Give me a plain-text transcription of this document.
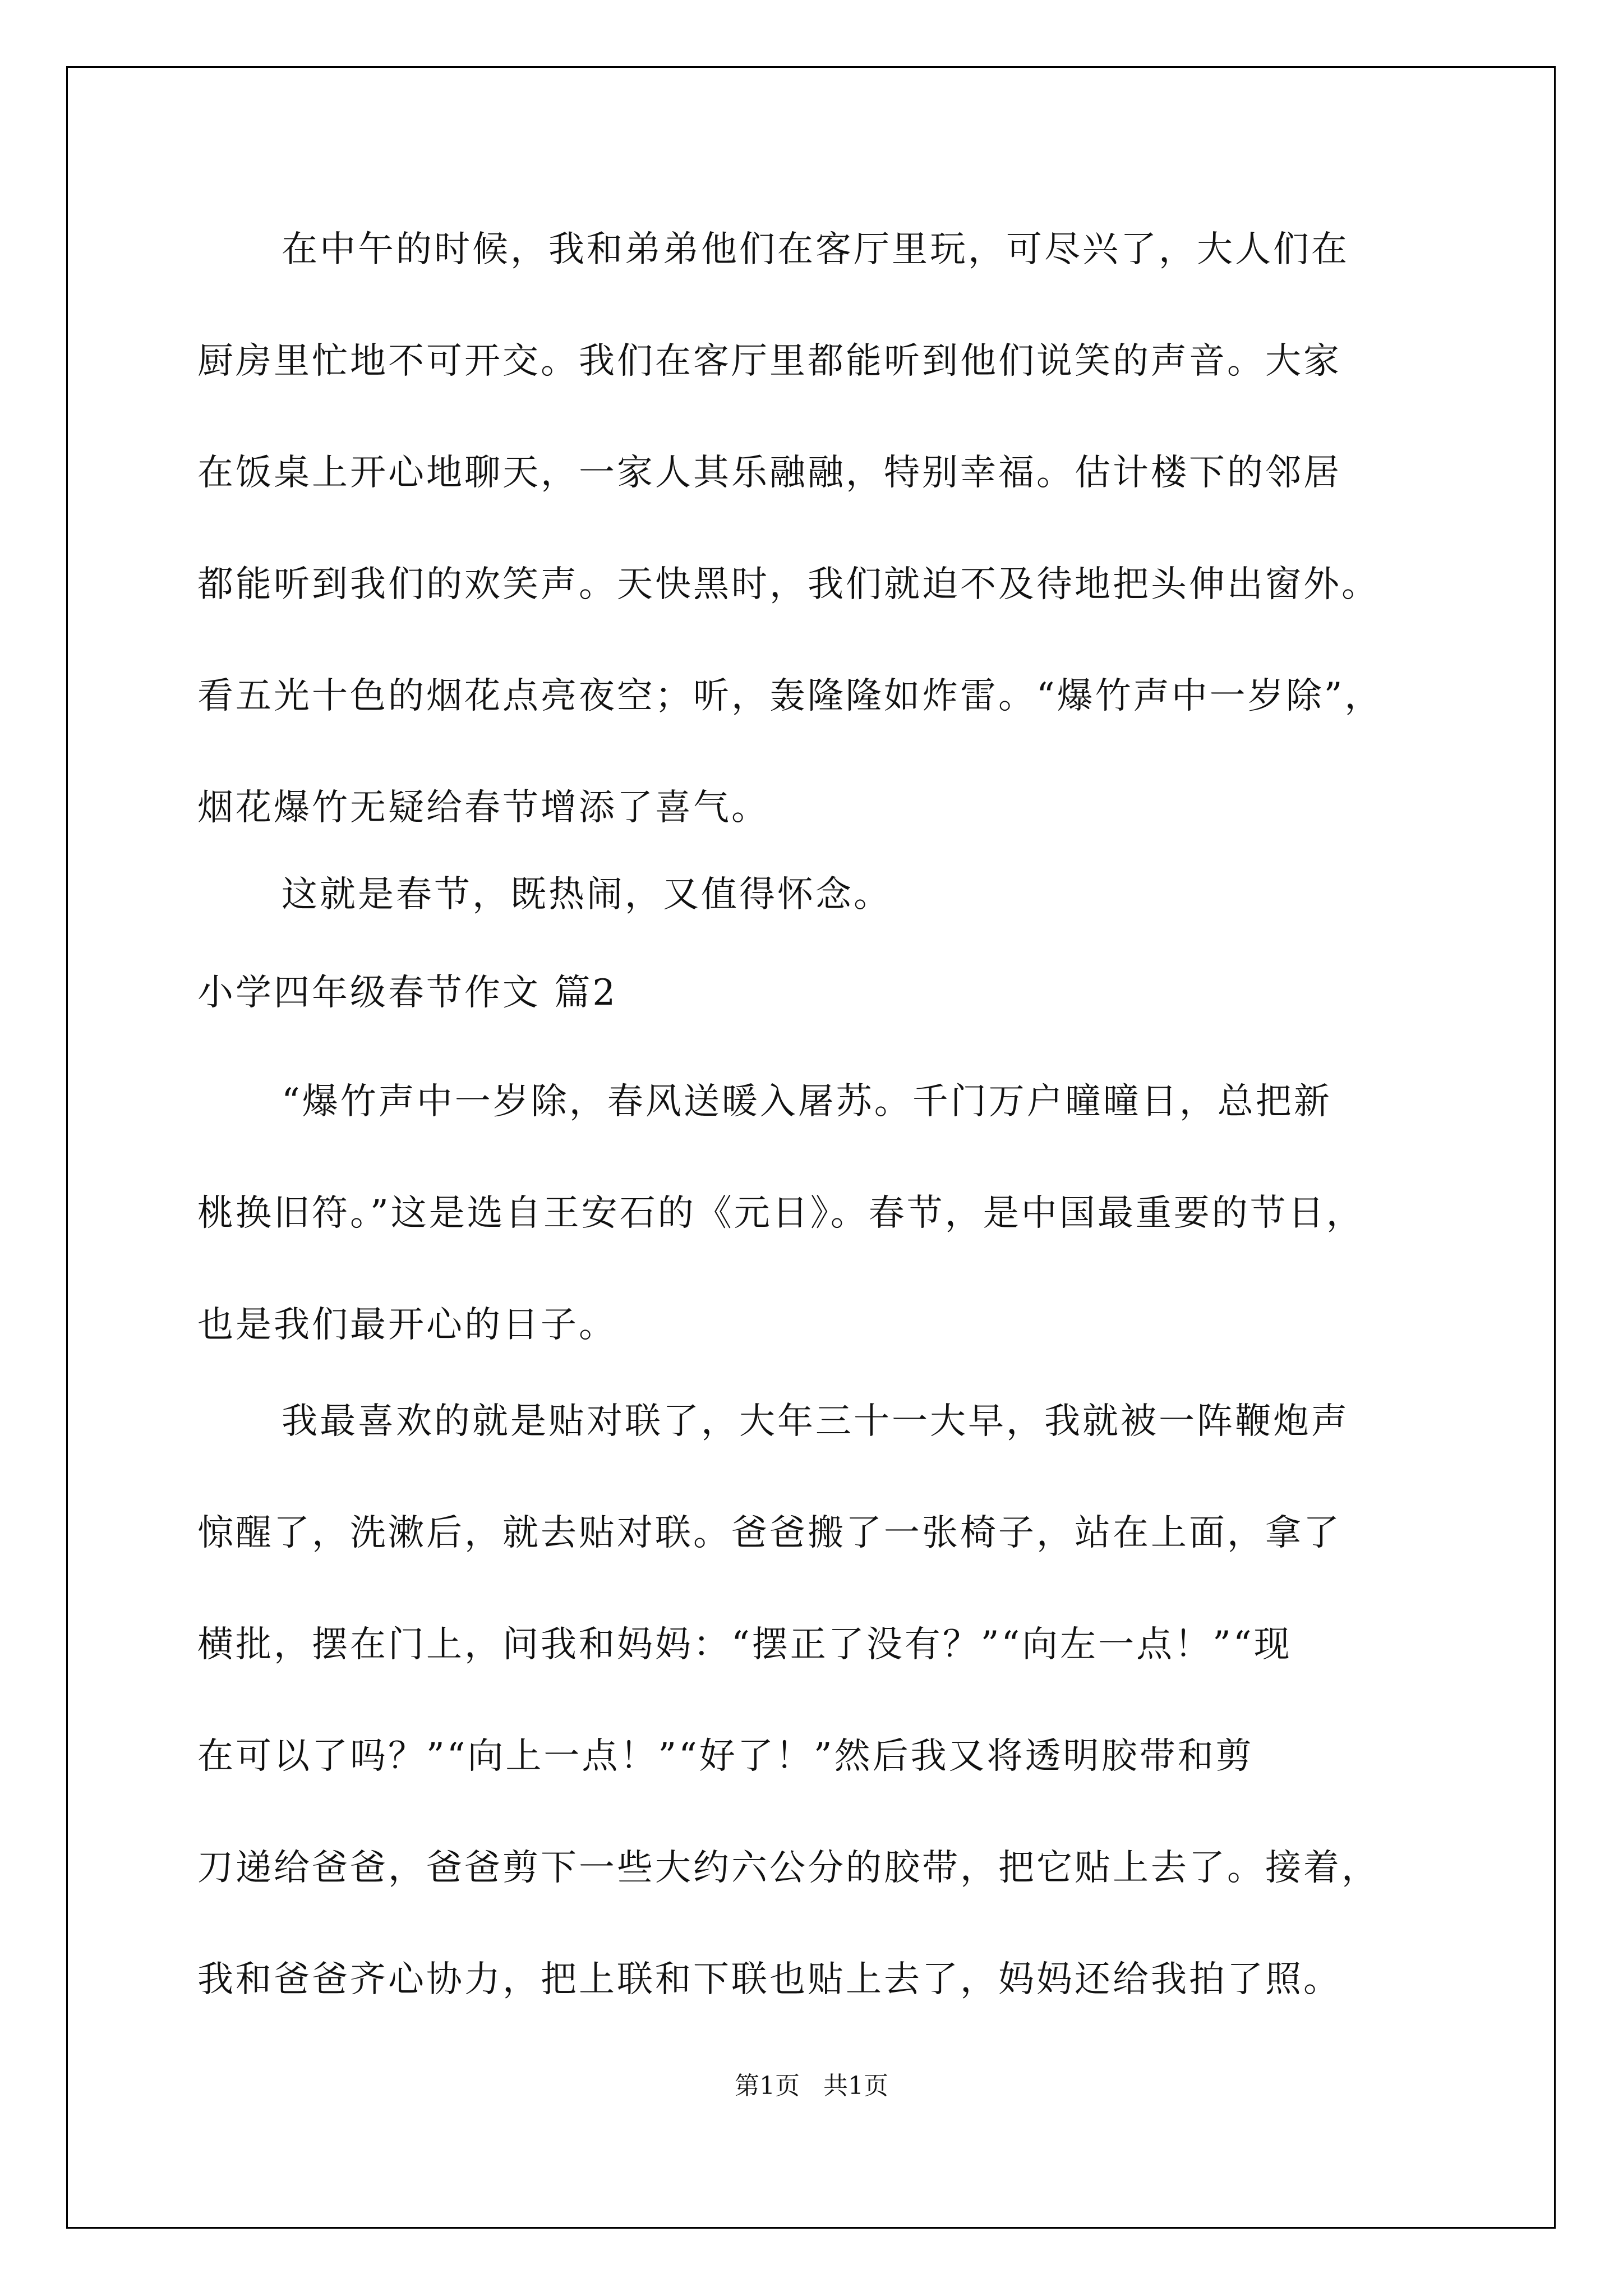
在中午的时候，我和弟弟他们在客厅里玩，可尽兴了，大人们在
厨房里忙地不可开交。我们在客厅里都能听到他们说笑的声音。大家
在饭桌上开心地聊天，一家人其乐融融，特别幸福。估计楼下的邻居
都能听到我们的欢笑声。天快黑时，我们就迫不及待地把头伸出窗外。
看五光十色的烟花点亮夜空；听，轰隆隆如炸雷。“爆竹声中一岁除”，
烟花爆竹无疑给春节增添了喜气。
这就是春节，既热闹，又值得怀念。
小学四年级春节作文 篇2
“爆竹声中一岁除，春风送暖入屠苏。千门万户曈曈日，总把新
桃换旧符。”这是选自王安石的《元日》。春节，是中国最重要的节日，
也是我们最开心的日子。
我最喜欢的就是贴对联了，大年三十一大早，我就被一阵鞭炮声
惊醒了，洗漱后，就去贴对联。爸爸搬了一张椅子，站在上面，拿了
横批，摆在门上，问我和妈妈：“摆正了没有？”“向左一点！”“现
在可以了吗？”“向上一点！”“好了！”然后我又将透明胶带和剪
刀递给爸爸，爸爸剪下一些大约六公分的胶带，把它贴上去了。接着，
我和爸爸齐心协力，把上联和下联也贴上去了，妈妈还给我拍了照。
第1页   共1页
